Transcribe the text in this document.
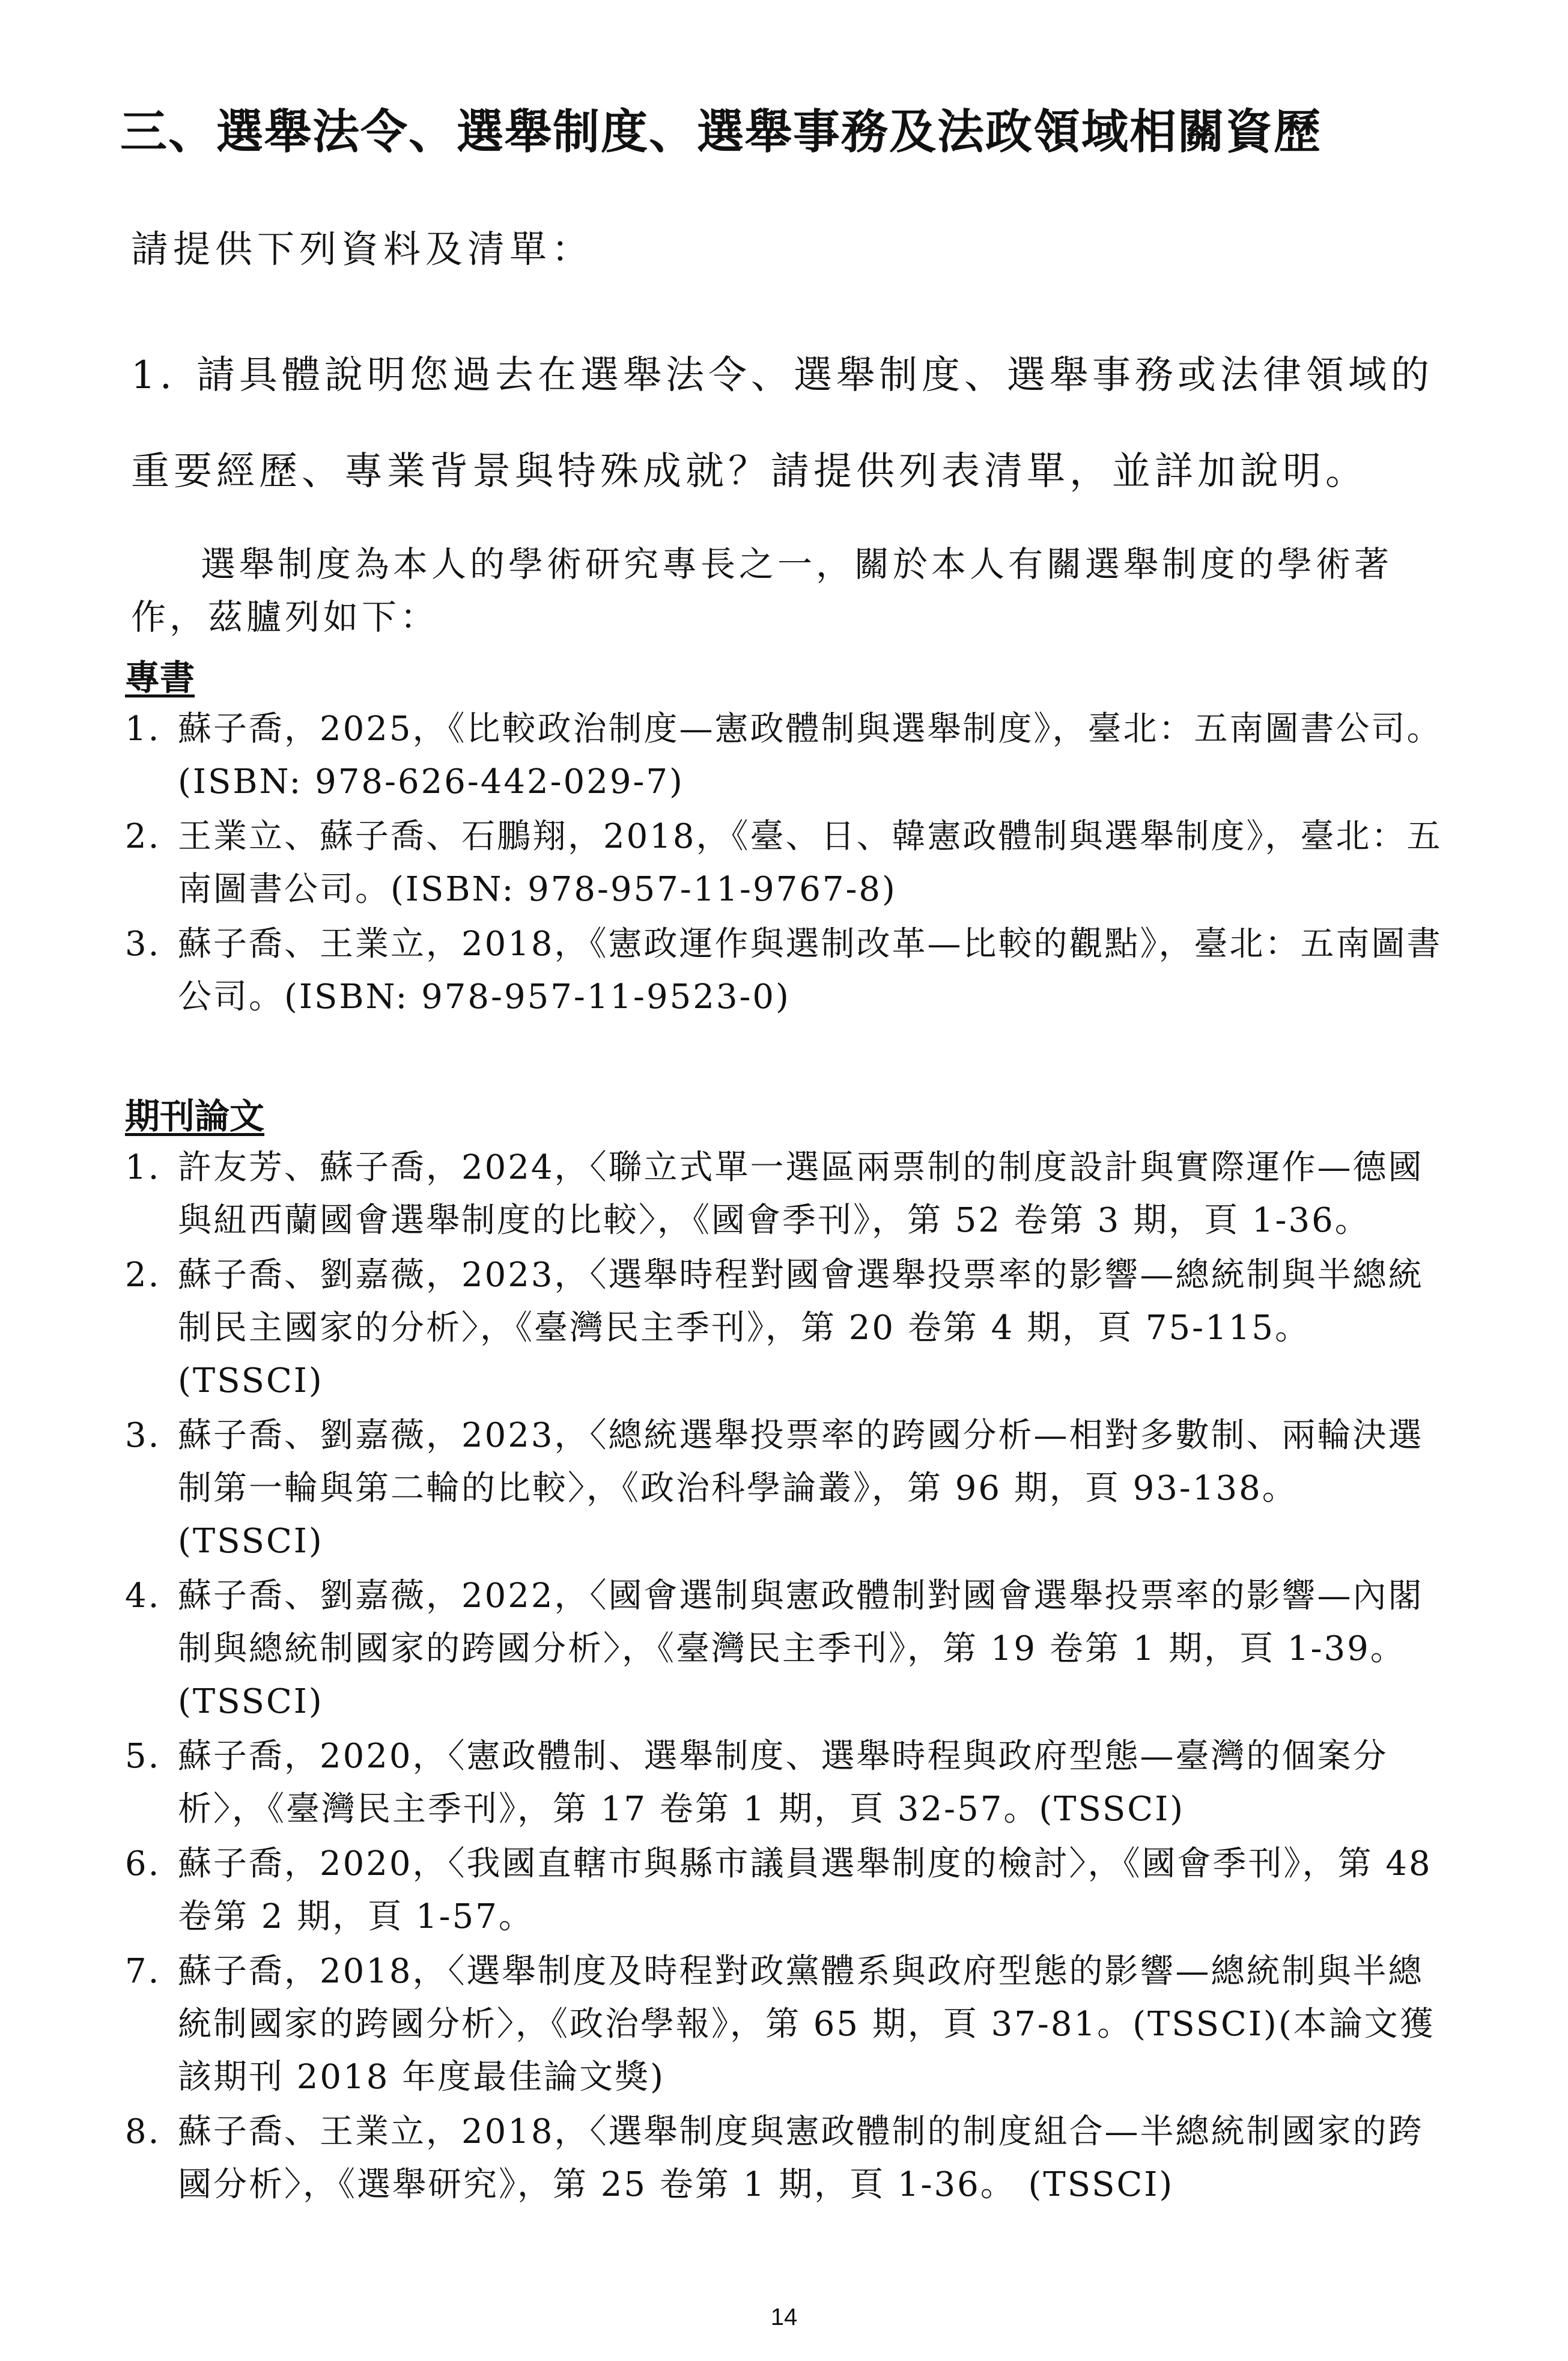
三、選舉法令、選舉制度、選舉事務及法政領域相關資歷
請提供下列資料及清單：
1. 請具體說明您過去在選舉法令、選舉制度、選舉事務或法律領域的重要經歷、專業背景與特殊成就？請提供列表清單，並詳加說明。
選舉制度為本人的學術研究專長之一，關於本人有關選舉制度的學術著作，茲臚列如下：
專書
1. 蘇子喬，2025，《比較政治制度—憲政體制與選舉制度》，臺北：五南圖書公司。(ISBN: 978-626-442-029-7)
2. 王業立、蘇子喬、石鵬翔，2018，《臺、日、韓憲政體制與選舉制度》，臺北：五南圖書公司。(ISBN: 978-957-11-9767-8)
3. 蘇子喬、王業立，2018，《憲政運作與選制改革—比較的觀點》，臺北：五南圖書公司。(ISBN: 978-957-11-9523-0)
期刊論文
1. 許友芳、蘇子喬，2024，〈聯立式單一選區兩票制的制度設計與實際運作—德國與紐西蘭國會選舉制度的比較〉，《國會季刊》，第 52 卷第 3 期，頁 1-36。
2. 蘇子喬、劉嘉薇，2023，〈選舉時程對國會選舉投票率的影響—總統制與半總統制民主國家的分析〉，《臺灣民主季刊》，第 20 卷第 4 期，頁 75-115。 (TSSCI)
3. 蘇子喬、劉嘉薇，2023，〈總統選舉投票率的跨國分析—相對多數制、兩輪決選制第一輪與第二輪的比較〉，《政治科學論叢》，第 96 期，頁 93-138。 (TSSCI)
4. 蘇子喬、劉嘉薇，2022，〈國會選制與憲政體制對國會選舉投票率的影響—內閣制與總統制國家的跨國分析〉，《臺灣民主季刊》，第 19 卷第 1 期，頁 1-39。 (TSSCI)
5. 蘇子喬，2020，〈憲政體制、選舉制度、選舉時程與政府型態—臺灣的個案分析〉，《臺灣民主季刊》，第 17 卷第 1 期，頁 32-57。(TSSCI)
6. 蘇子喬，2020，〈我國直轄市與縣市議員選舉制度的檢討〉，《國會季刊》，第 48 卷第 2 期，頁 1-57。
7. 蘇子喬，2018，〈選舉制度及時程對政黨體系與政府型態的影響—總統制與半總統制國家的跨國分析〉，《政治學報》，第 65 期，頁 37-81。(TSSCI)(本論文獲該期刊 2018 年度最佳論文獎)
8. 蘇子喬、王業立，2018，〈選舉制度與憲政體制的制度組合—半總統制國家的跨國分析〉，《選舉研究》，第 25 卷第 1 期，頁 1-36。 (TSSCI)
14
